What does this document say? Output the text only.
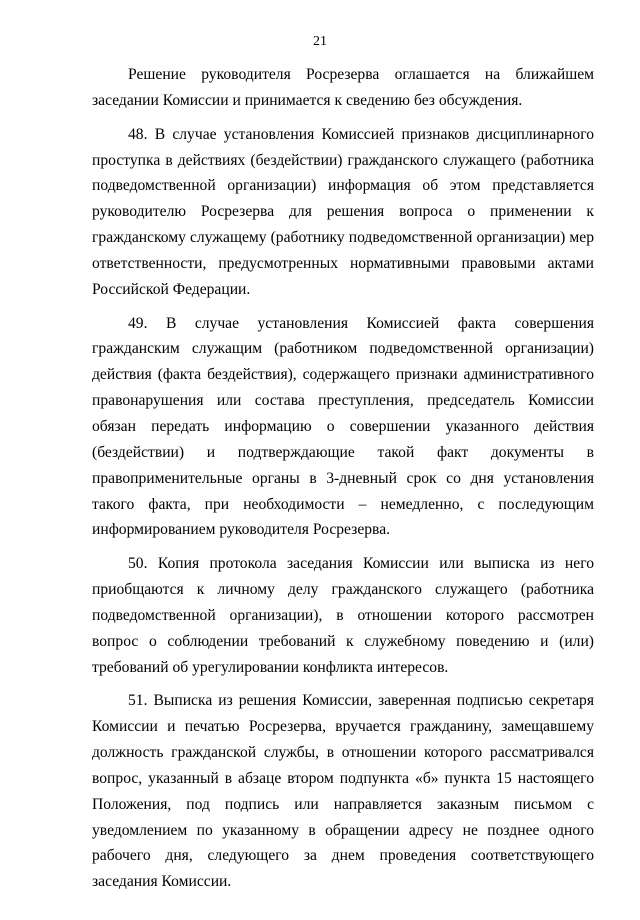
21

Решение руководителя Росрезерва оглашается на ближайшем заседании Комиссии и принимается к сведению без обсуждения.

48. В случае установления Комиссией признаков дисциплинарного проступка в действиях (бездействии) гражданского служащего (работника подведомственной организации) информация об этом представляется руководителю Росрезерва для решения вопроса о применении к гражданскому служащему (работнику подведомственной организации) мер ответственности, предусмотренных нормативными правовыми актами Российской Федерации.

49. В случае установления Комиссией факта совершения гражданским служащим (работником подведомственной организации) действия (факта бездействия), содержащего признаки административного правонарушения или состава преступления, председатель Комиссии обязан передать информацию о совершении указанного действия (бездействии) и подтверждающие такой факт документы в правоприменительные органы в 3-дневный срок со дня установления такого факта, при необходимости – немедленно, с последующим информированием руководителя Росрезерва.

50. Копия протокола заседания Комиссии или выписка из него приобщаются к личному делу гражданского служащего (работника подведомственной организации), в отношении которого рассмотрен вопрос о соблюдении требований к служебному поведению и (или) требований об урегулировании конфликта интересов.

51. Выписка из решения Комиссии, заверенная подписью секретаря Комиссии и печатью Росрезерва, вручается гражданину, замещавшему должность гражданской службы, в отношении которого рассматривался вопрос, указанный в абзаце втором подпункта «б» пункта 15 настоящего Положения, под подпись или направляется заказным письмом с уведомлением по указанному в обращении адресу не позднее одного рабочего дня, следующего за днем проведения соответствующего заседания Комиссии.
